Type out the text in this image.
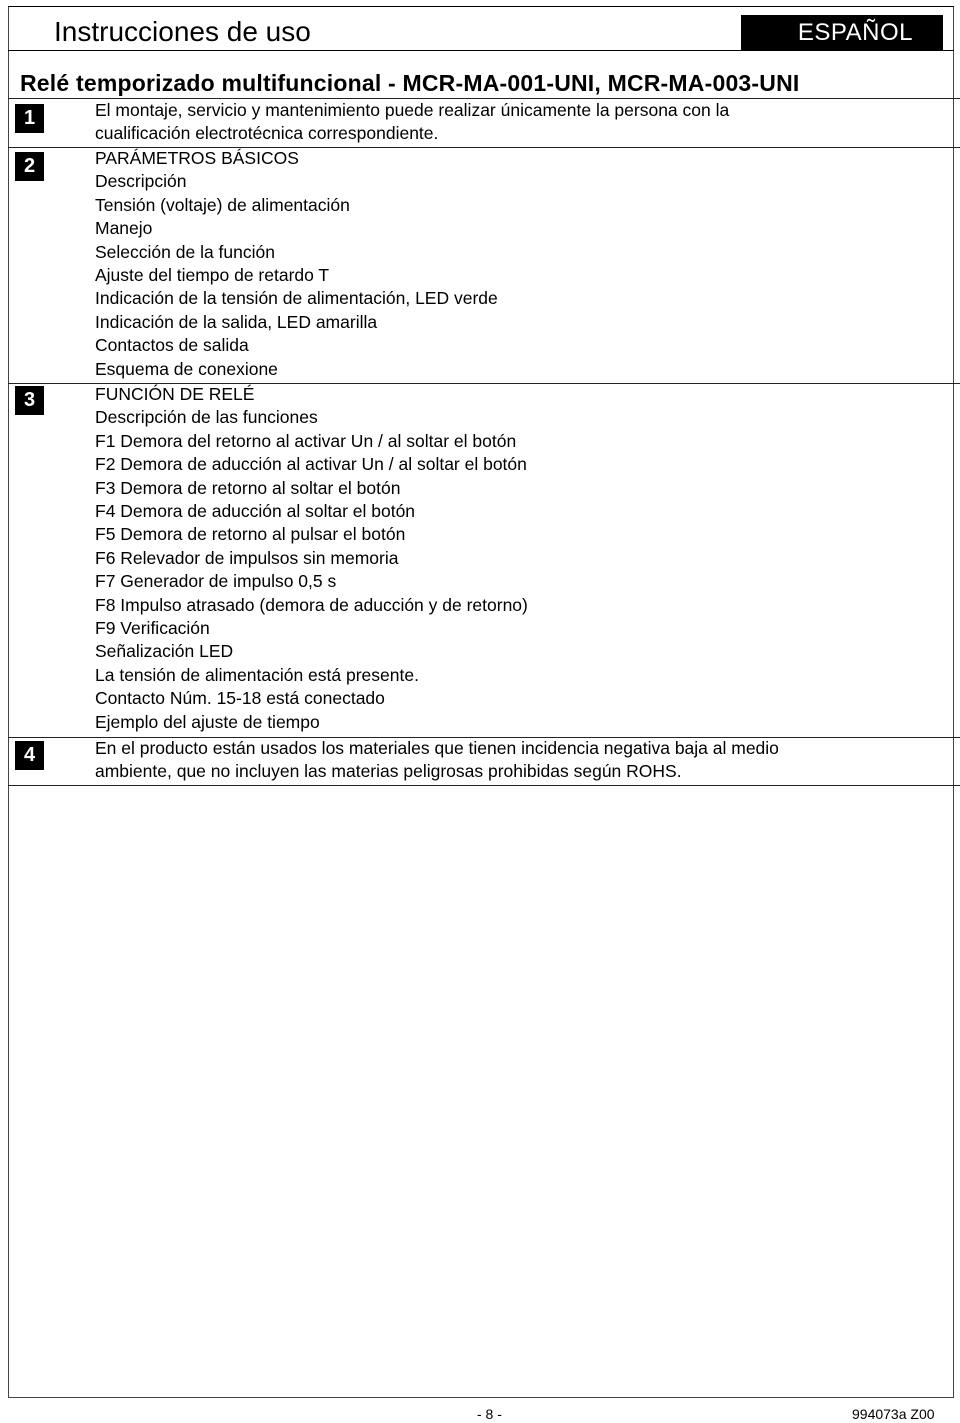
Instrucciones de uso	ESPAÑOL
Relé temporizado multifuncional - MCR-MA-001-UNI, MCR-MA-003-UNI
1	El montaje, servicio y mantenimiento puede realizar únicamente la persona con la
cualificación electrotécnica correspondiente.
2	PARÁMETROS BÁSICOS
Descripción
Tensión (voltaje) de alimentación
Manejo
Selección de la función
Ajuste del tiempo de retardo T
Indicación de la tensión de alimentación, LED verde
Indicación de la salida, LED amarilla
Contactos de salida
Esquema de conexione
3	FUNCIÓN DE RELÉ
Descripción de las funciones
F1 Demora del retorno al activar Un / al soltar el botón
F2 Demora de aducción al activar Un / al soltar el botón
F3 Demora de retorno al soltar el botón
F4 Demora de aducción al soltar el botón
F5 Demora de retorno al pulsar el botón
F6 Relevador de impulsos sin memoria
F7 Generador de impulso 0,5 s
F8 Impulso atrasado (demora de aducción y de retorno)
F9 Verificación
Señalización LED
La tensión de alimentación está presente.
Contacto Núm. 15-18 está conectado
Ejemplo del ajuste de tiempo
4	En el producto están usados los materiales que tienen incidencia negativa baja al medio
ambiente, que no incluyen las materias peligrosas prohibidas según ROHS.
- 8 -	994073a Z00
